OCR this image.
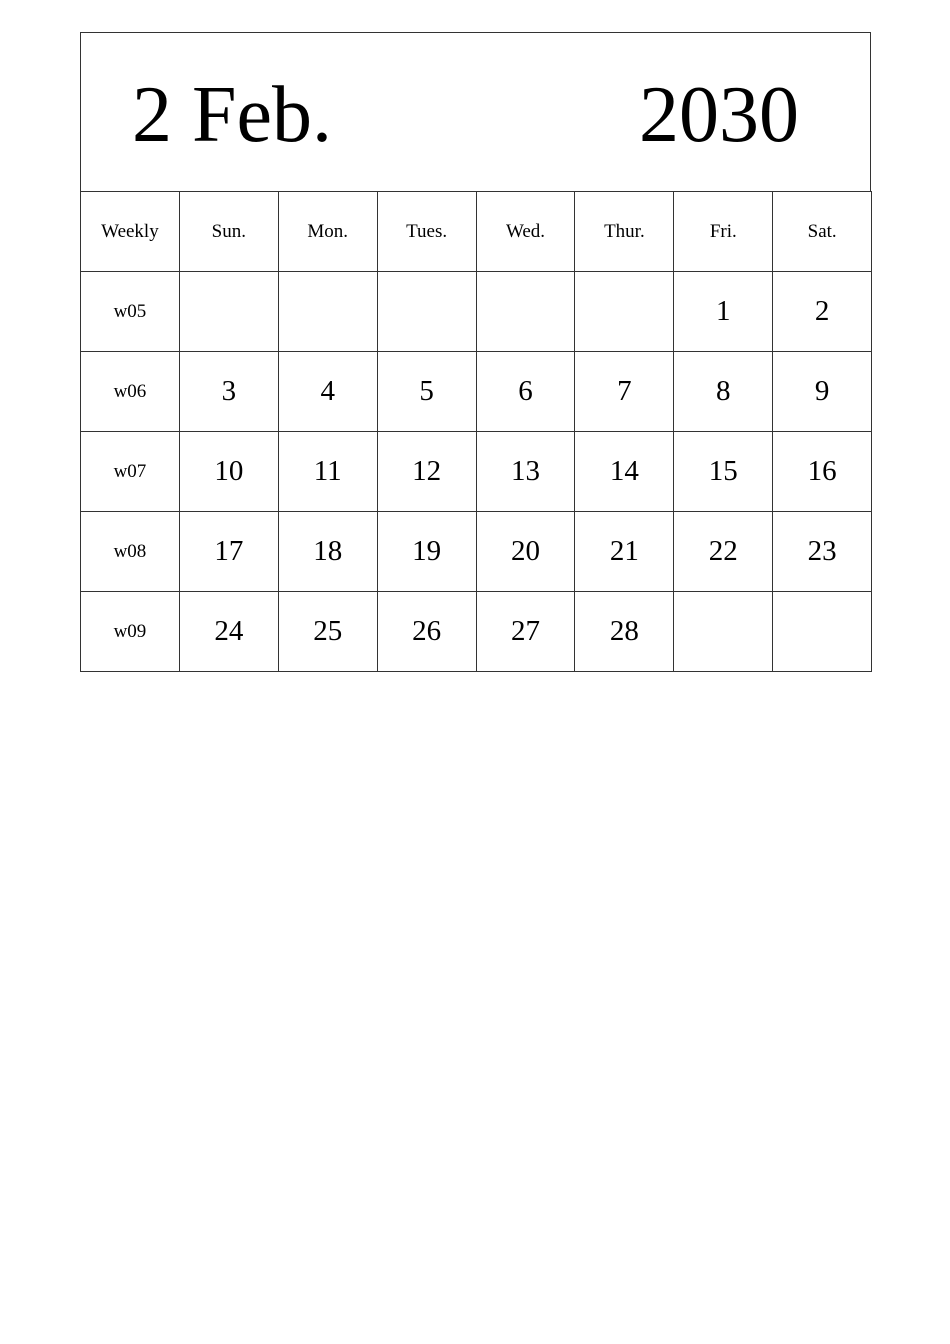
2 Feb.	2030
Weekly	Sun.	Mon.	Tues.	Wed.	Thur.	Fri.	Sat.
w05						1	2
w06	3	4	5	6	7	8	9
w07	10	11	12	13	14	15	16
w08	17	18	19	20	21	22	23
w09	24	25	26	27	28		
